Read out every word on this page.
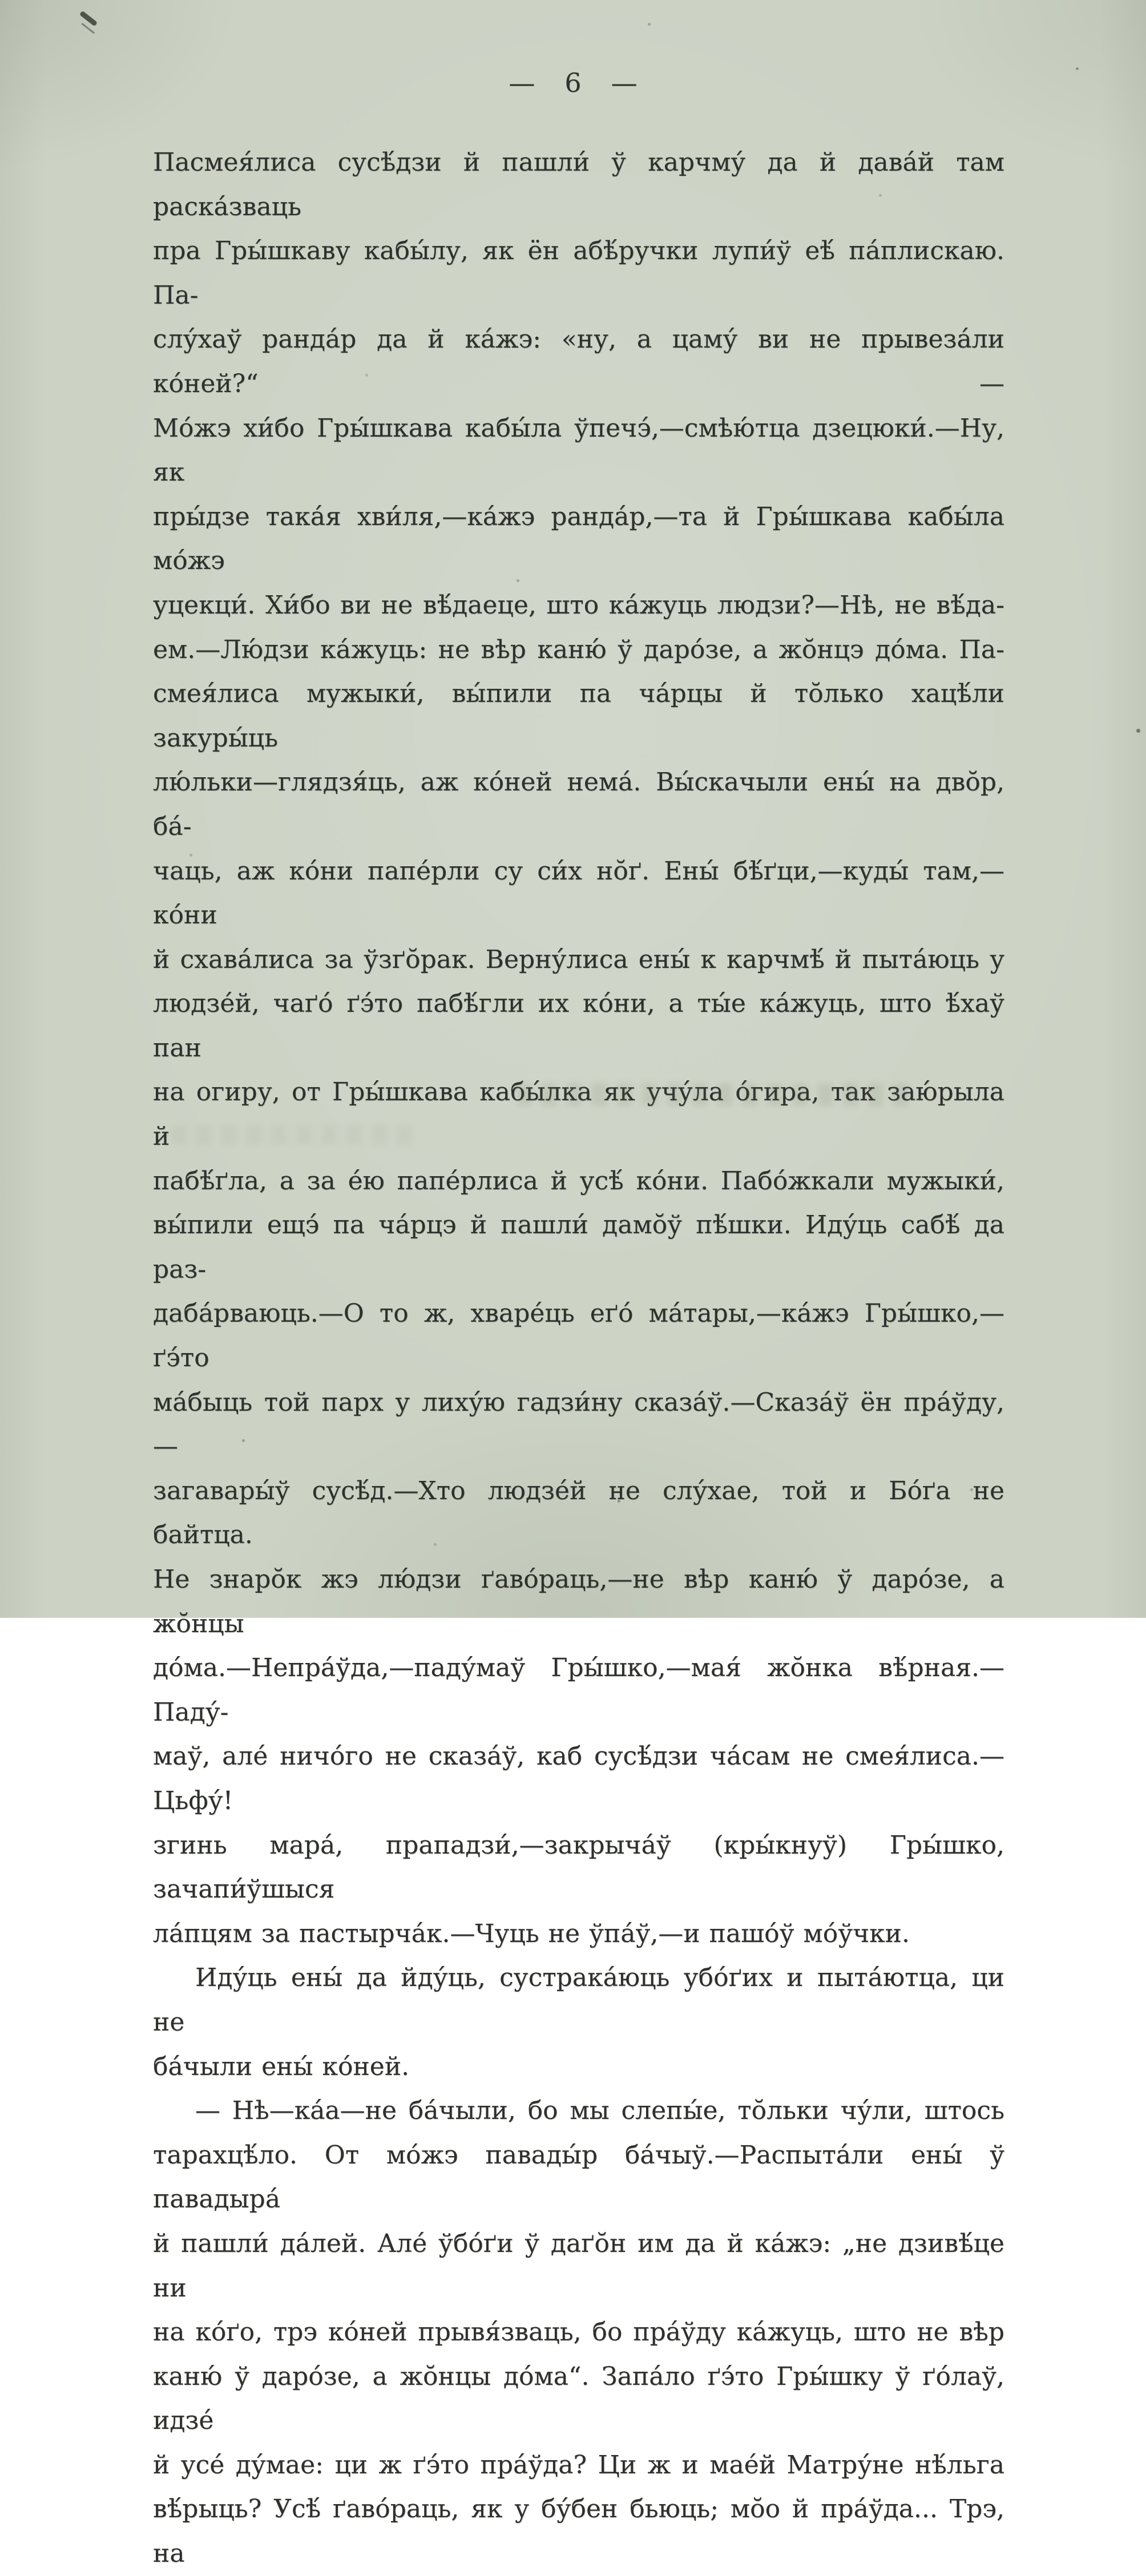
— 6 —
Пасмея́лиса сусѣ́дзи й пашли́ ў карчму́ да й дава́й там раска́зваць
пра Гры́шкаву кабы́лу, як ён абѣ́ручки лупи́ў еѣ́ па́плискаю. Па-
слу́хаў ранда́р да й ка́жэ: «ну, а цаму́ ви не прывеза́ли ко́ней?“ —
Мо́жэ хи́бо Гры́шкава кабы́ла ўпечэ́,—смѣю́тца дзецюки́.—Ну, як
пры́дзе така́я хви́ля,—ка́жэ ранда́р,—та й Гры́шкава кабы́ла мо́жэ
уцекци́. Хи́бо ви не вѣ́даеце, што ка́жуць людзи?—Нѣ, не вѣ́да-
ем.—Лю́дзи ка́жуць: не вѣр каню́ ў даро́зе, а жо̆нцэ до́ма. Па-
смея́лиса мужыки́, вы́пили па ча́рцы й то̆лько хацѣ́ли закуры́ць
лю́льки—глядзя́ць, аж ко́ней нема́. Вы́скачыли ены́ на дво̆р, ба́-
чаць, аж ко́ни папе́рли су си́х но̆ґ. Ены́ бѣ́ґци,—куды́ там,—ко́ни
й схава́лиса за ўзґо̆рак. Верну́лиса ены́ к карчмѣ́ й пыта́юць у
людзе́й, чаґо́ ґэ́то пабѣ́гли их ко́ни, а ты́е ка́жуць, што ѣ́хаў пан
на огиру, от Гры́шкава кабы́лка як учу́ла о́гира, так заю́рыла й
пабѣ́ґла, а за е́ю папе́рлиса й усѣ́ ко́ни. Пабо́жкали мужыки́,
вы́пили ещэ́ па ча́рцэ й пашли́ дамо̆ў пѣ́шки. Иду́ць сабѣ́ да раз-
даба́рваюць.—О то ж, хваре́ць еґо́ ма́тары,—ка́жэ Гры́шко,—ґэ́то
ма́быць той парх у лиху́ю гадзи́ну сказа́ў.—Сказа́ў ён пра́ўду,—
загавары́ў сусѣ́д.—Хто людзе́й не слу́хае, той и Бо́ґа не байтца.
Не знаро̆к жэ лю́дзи ґаво́раць,—не вѣр каню́ ў даро́зе, а жо̆нцы
до́ма.—Непра́ўда,—паду́маў Гры́шко,—мая́ жо̆нка вѣ́рная.—Паду́-
маў, але́ ничо́го не сказа́ў, каб сусѣ́дзи ча́сам не смея́лиса.—Цьфу́!
згинь мара́, прападзи́,—закрыча́ў (кры́кнуў) Гры́шко, зачапи́ўшыся
ла́пцям за пастырча́к.—Чуць не ўпа́ў,—и пашо́ў мо́ўчки.
Иду́ць ены́ да йду́ць, сустрака́юць убо́ґих и пыта́ютца, ци не
ба́чыли ены́ ко́ней.
— Нѣ—ка́а—не ба́чыли, бо мы слепы́е, то̆льки чу́ли, штось
тарахцѣ́ло. От мо́жэ павады́р ба́чыў.—Распыта́ли ены́ ў павадыра́
й пашли́ да́лей. Але́ ўбо́ґи ў даґо̆н им да й ка́жэ: „не дзивѣ́це ни
на ко́ґо, трэ ко́ней прывя́зваць, бо пра́ўду ка́жуць, што не вѣр
каню́ ў даро́зе, а жо̆нцы до́ма“. Запа́ло ґэ́то Гры́шку ў ґо́лаў, идзе́
й усе́ ду́мае: ци ж ґэ́то пра́ўда? Ци ж и мае́й Матру́не нѣ́льга
вѣ́рыць? Усѣ́ ґаво́раць, як у бу́бен бьюць; мо̆о й пра́ўда... Трэ, на
